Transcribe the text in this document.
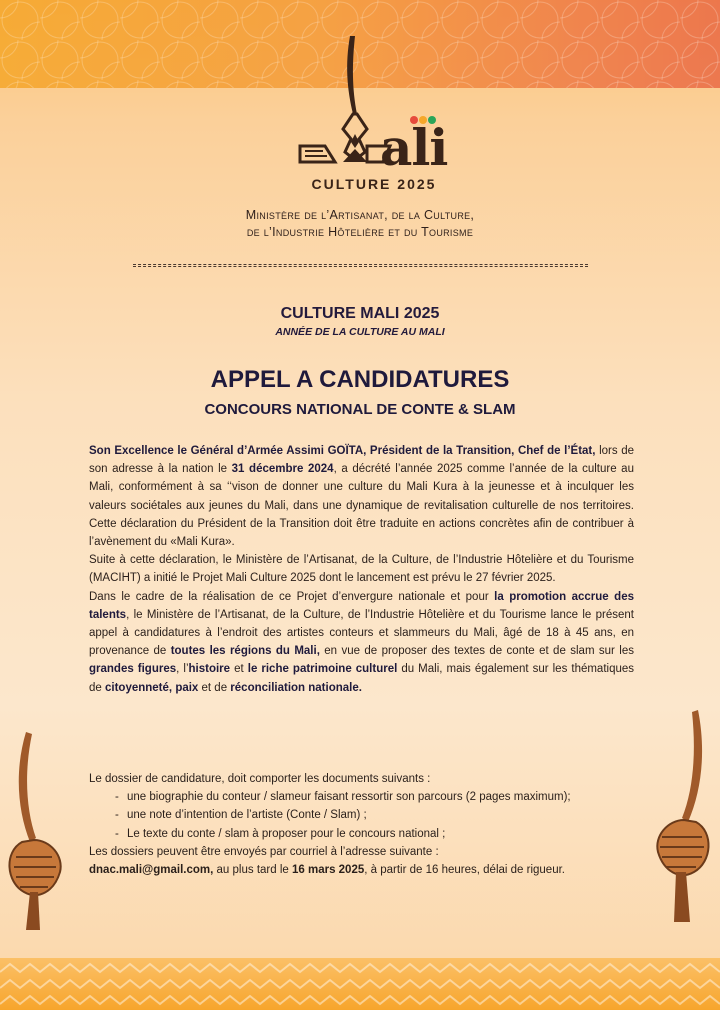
ali
CULTURE 2025
Ministère de l’Artisanat, de la Culture,
de l’Industrie Hôtelière et du Tourisme
CULTURE MALI 2025
ANNÉE DE LA CULTURE AU MALI
APPEL A CANDIDATURES
CONCOURS NATIONAL DE CONTE & SLAM

Son Excellence le Général d’Armée Assimi GOÏTA, Président de la Transition, Chef de l’État, lors de son adresse à la nation le 31 décembre 2024, a décrété l’année 2025 comme l’année de la culture au Mali, conformément à sa ‘‘vison de donner une culture du Mali Kura à la jeunesse et à inculquer les valeurs sociétales aux jeunes du Mali, dans une dynamique de revitalisation culturelle de nos territoires. Cette déclaration du Président de la Transition doit être traduite en actions concrètes afin de contribuer à l’avènement du «Mali Kura».

Suite à cette déclaration, le Ministère de l’Artisanat, de la Culture, de l’Industrie Hôtelière et du Tourisme (MACIHT) a initié le Projet Mali Culture 2025 dont le lancement est prévu le 27 février 2025.

Dans le cadre de la réalisation de ce Projet d’envergure nationale et pour la promotion accrue des talents, le Ministère de l’Artisanat, de la Culture, de l’Industrie Hôtelière et du Tourisme lance le présent appel à candidatures à l’endroit des artistes conteurs et slammeurs du Mali, âgé de 18 à 45 ans, en provenance de toutes les régions du Mali, en vue de proposer des textes de conte et de slam sur les grandes figures, l’histoire et le riche patrimoine culturel du Mali, mais également sur les thématiques de citoyenneté, paix et de réconciliation nationale.

Le dossier de candidature, doit comporter les documents suivants :
- une biographie du conteur / slameur faisant ressortir son parcours (2 pages maximum);
- une note d’intention de l’artiste (Conte / Slam) ;
- Le texte du conte / slam à proposer pour le concours national ;
Les dossiers peuvent être envoyés par courriel à l’adresse suivante :
dnac.mali@gmail.com, au plus tard le 16 mars 2025, à partir de 16 heures, délai de rigueur.
